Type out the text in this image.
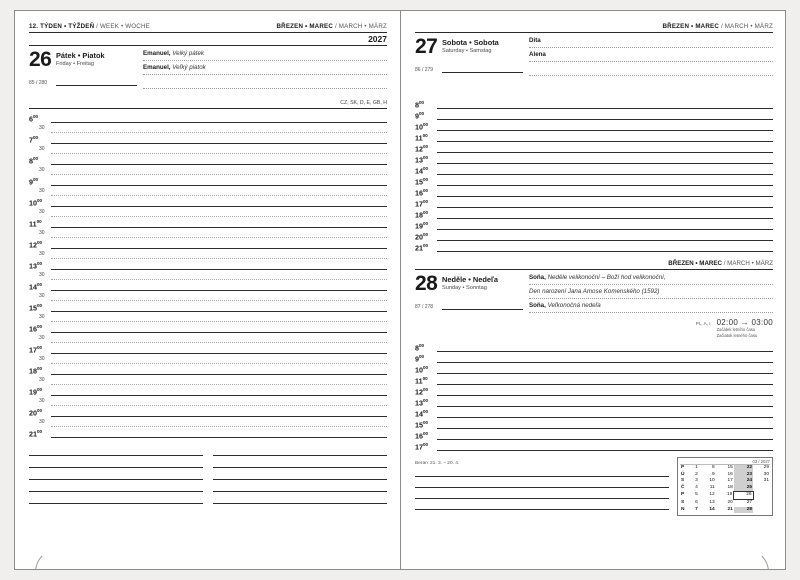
12. TÝDEN • TÝŽDEŇ / WEEK • WOCHE	BŘEZEN • MAREC / MARCH • MÄRZ
2027
26 Pátek • Piatok
Friday • Freitag
85 / 280
Emanuel, Velký pátek
Emanuel, Veľký piatok

CZ, SK, D, E, GB, H
$6^{00}$
30
$7^{00}$
30
$8^{00}$
30
$9^{00}$
30
$10^{00}$
30
$11^{00}$
30
$12^{00}$
30
$13^{00}$
30
$14^{00}$
30
$15^{00}$
30
$16^{00}$
30
$17^{00}$
30
$18^{00}$
30
$19^{00}$
30
$20^{00}$
30
$21^{00}$

BŘEZEN • MAREC / MARCH • MÄRZ
27 Sobota • Sobota
Saturday • Samstag
86 / 279
Dita
Alena

$8^{00}$
$9^{00}$
$10^{00}$
$11^{00}$
$12^{00}$
$13^{00}$
$14^{00}$
$15^{00}$
$16^{00}$
$17^{00}$
$18^{00}$
$19^{00}$
$20^{00}$
$21^{00}$
BŘEZEN • MAREC / MARCH • MÄRZ
28 Neděle • Nedeľa
Sunday • Sonntag
87 / 278
Soňa, Neděle velikonoční – Boží hod velikonoční,
Den narození Jana Amose Komenského (1592)
Soňa, Veľkonočná nedeľa
PL, A, I 02:00 → 03:00
Začátek letního času
Začiatok letného času
$8^{00}$
$9^{00}$
$10^{00}$
$11^{00}$
$12^{00}$
$13^{00}$
$14^{00}$
$15^{00}$
$16^{00}$
$17^{00}$
Beran 21. 3. – 20. 4.	03 / 2027
P	1	8	15	22	29
Ú	2	9	16	23	30
S	3	10	17	24	31
Č	4	11	18	25	
P	5	12	19	26	
S	6	13	20	27	
N	7	14	21	28	
